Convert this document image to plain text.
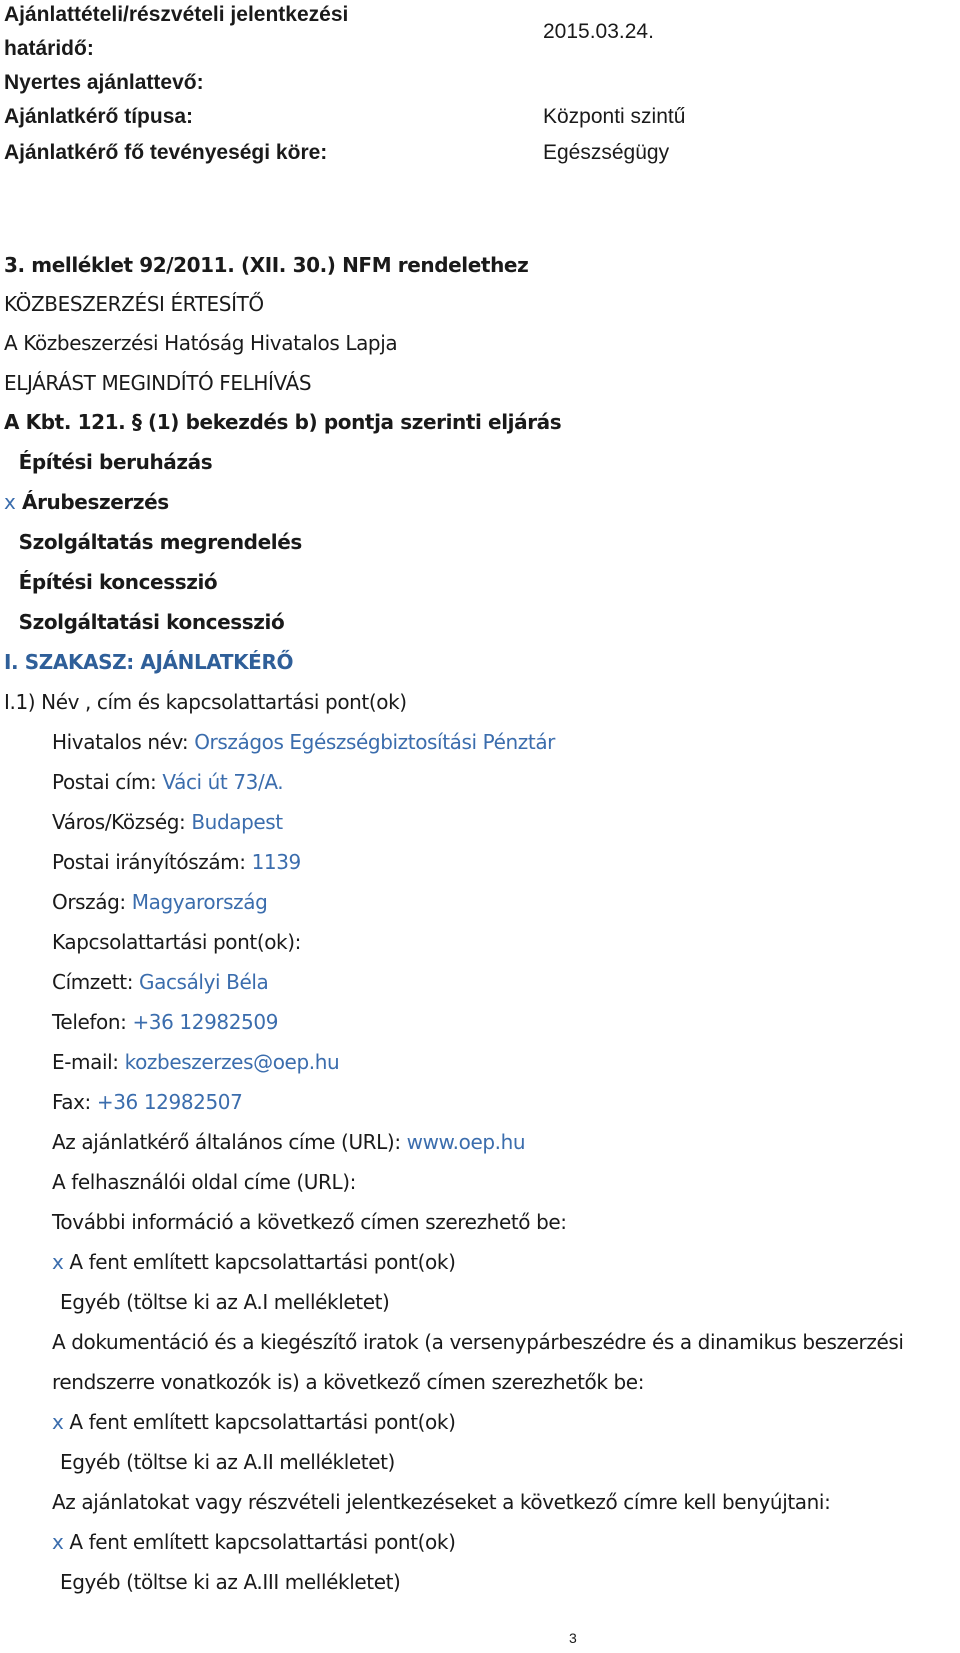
Ajánlattételi/részvételi jelentkezési
határidő:
2015.03.24.
Nyertes ajánlattevő:
Ajánlatkérő típusa:	Központi szintű
Ajánlatkérő fő tevényeségi köre:	Egészségügy
3. melléklet 92/2011. (XII. 30.) NFM rendelethez
KÖZBESZERZÉSI ÉRTESÍTŐ
A Közbeszerzési Hatóság Hivatalos Lapja
ELJÁRÁST MEGINDÍTÓ FELHÍVÁS
A Kbt. 121. § (1) bekezdés b) pontja szerinti eljárás
Építési beruházás
x Árubeszerzés
Szolgáltatás megrendelés
Építési koncesszió
Szolgáltatási koncesszió
I. SZAKASZ: AJÁNLATKÉRŐ
I.1) Név , cím és kapcsolattartási pont(ok)
Hivatalos név: Országos Egészségbiztosítási Pénztár
Postai cím: Váci út 73/A.
Város/Község: Budapest
Postai irányítószám: 1139
Ország: Magyarország
Kapcsolattartási pont(ok):
Címzett: Gacsályi Béla
Telefon: +36 12982509
E-mail: kozbeszerzes@oep.hu
Fax: +36 12982507
Az ajánlatkérő általános címe (URL): www.oep.hu
A felhasználói oldal címe (URL):
További információ a következő címen szerezhető be:
x A fent említett kapcsolattartási pont(ok)
Egyéb (töltse ki az A.I mellékletet)
A dokumentáció és a kiegészítő iratok (a versenypárbeszédre és a dinamikus beszerzési
rendszerre vonatkozók is) a következő címen szerezhetők be:
x A fent említett kapcsolattartási pont(ok)
Egyéb (töltse ki az A.II mellékletet)
Az ajánlatokat vagy részvételi jelentkezéseket a következő címre kell benyújtani:
x A fent említett kapcsolattartási pont(ok)
Egyéb (töltse ki az A.III mellékletet)
3
